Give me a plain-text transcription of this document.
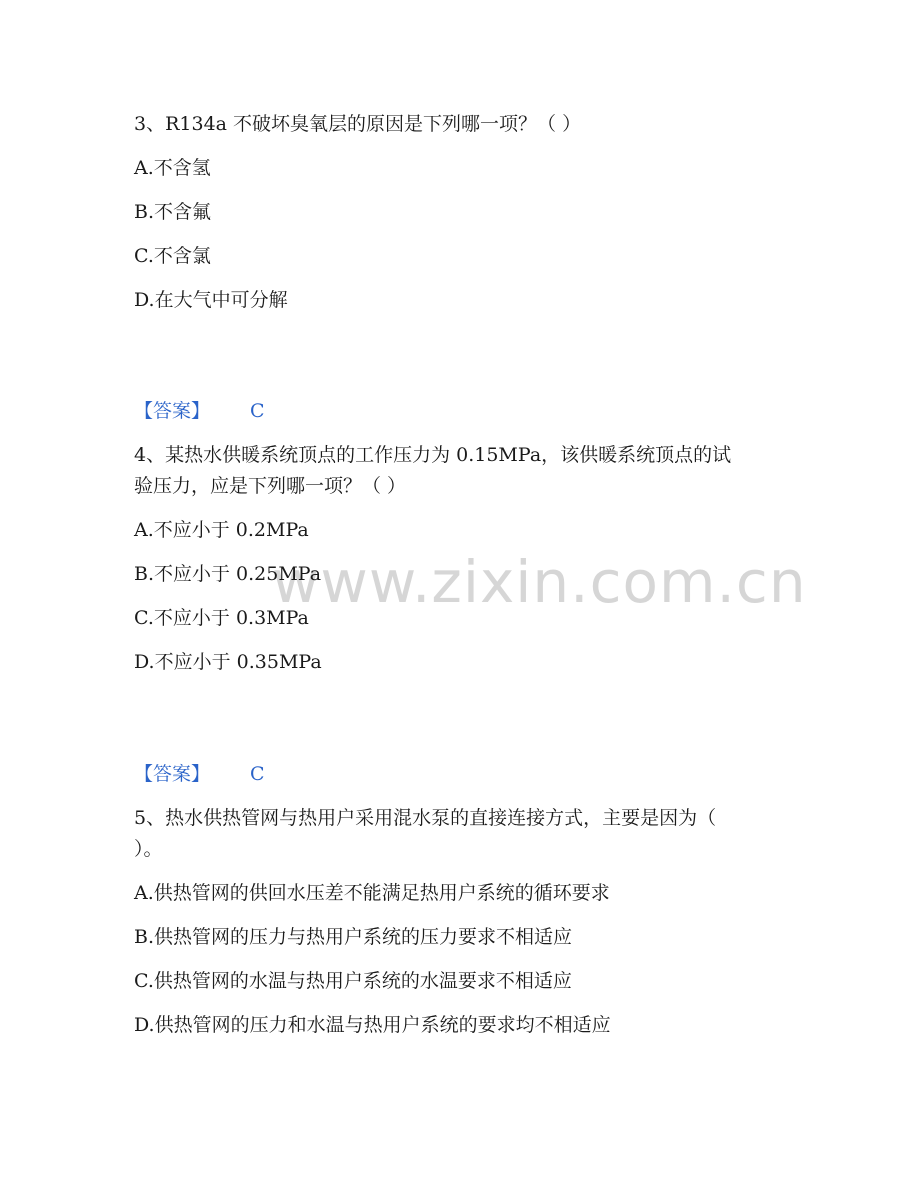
www.zixin.com.cn

3、R134a 不破坏臭氧层的原因是下列哪一项？（ ）

A.不含氢

B.不含氟

C.不含氯

D.在大气中可分解

【答案】 C

4、某热水供暖系统顶点的工作压力为 0.15MPa，该供暖系统顶点的试

验压力，应是下列哪一项？（ ）

A.不应小于 0.2MPa

B.不应小于 0.25MPa

C.不应小于 0.3MPa

D.不应小于 0.35MPa

【答案】 C

5、热水供热管网与热用户采用混水泵的直接连接方式，主要是因为（

）。

A.供热管网的供回水压差不能满足热用户系统的循环要求

B.供热管网的压力与热用户系统的压力要求不相适应

C.供热管网的水温与热用户系统的水温要求不相适应

D.供热管网的压力和水温与热用户系统的要求均不相适应
